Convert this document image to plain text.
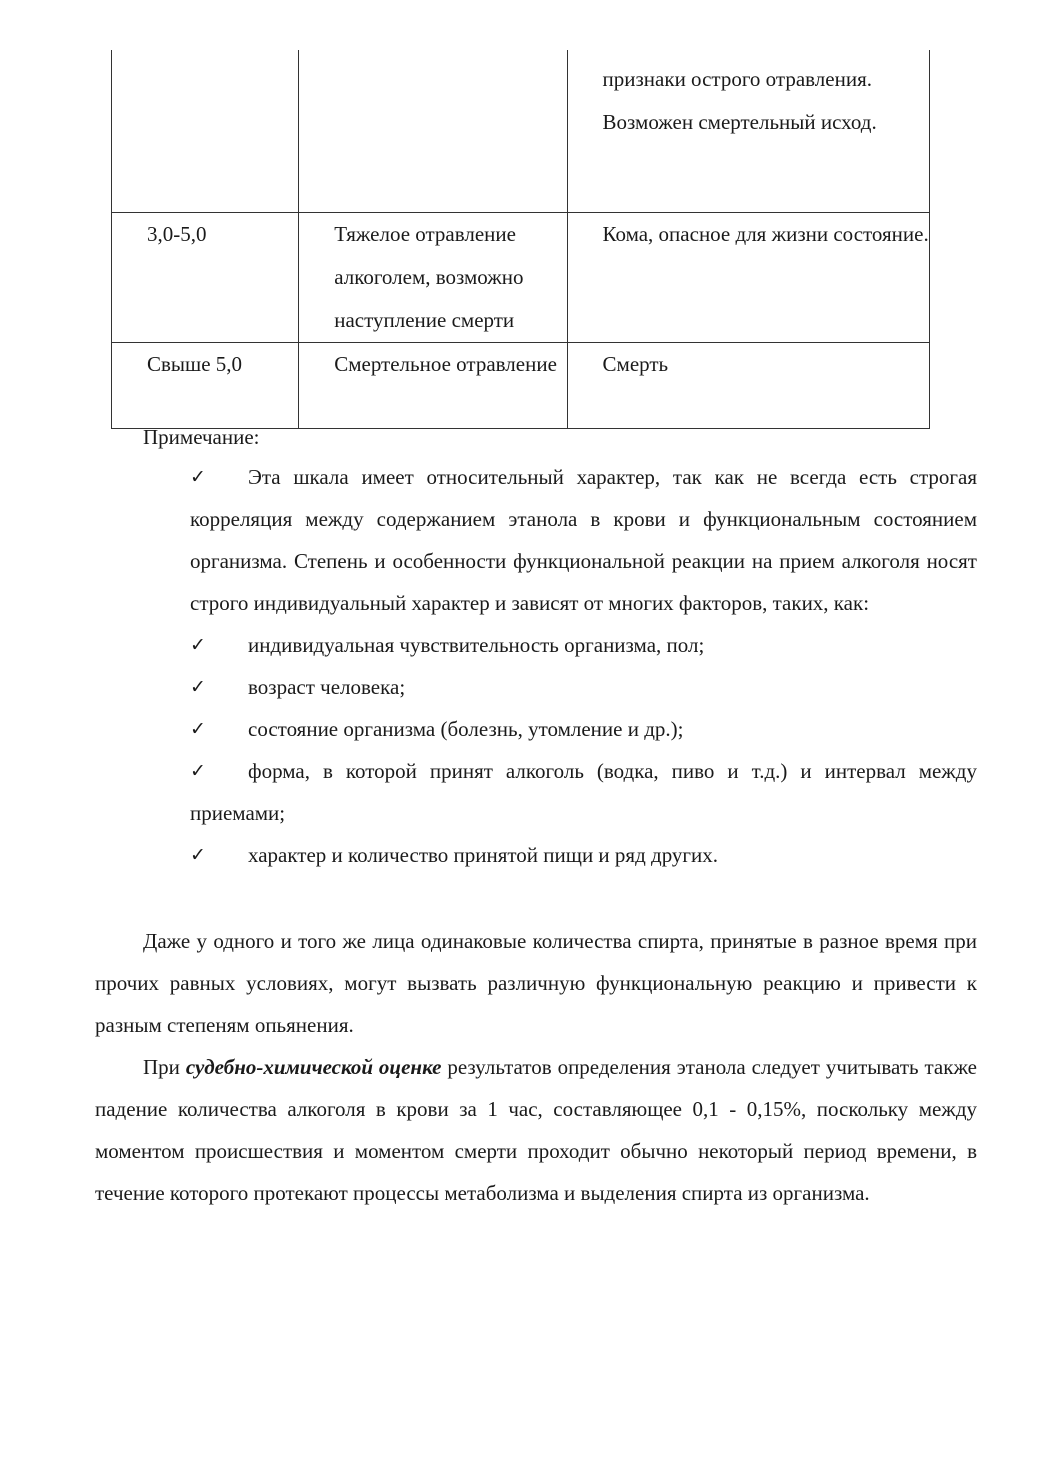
		признаки острого отравления. Возможен смертельный исход.

3,0-5,0	Тяжелое отравление алкоголем, возможно наступление смерти	Кома, опасное для жизни состояние.

Свыше 5,0	Смертельное отравление	Смерть
Примечание:
✓	Эта шкала имеет относительный характер, так как не всегда есть строгая корреляция между содержанием этанола в крови и функциональным состоянием организма. Степень и особенности функциональной реакции на прием алкоголя носят строго индивидуальный характер и зависят от многих факторов, таких, как:
✓	индивидуальная чувствительность организма, пол;
✓	возраст человека;
✓	состояние организма (болезнь, утомление и др.);
✓	форма, в которой принят алкоголь (водка, пиво и т.д.) и интервал между приемами;
✓	характер и количество принятой пищи и ряд других.

Даже у одного и того же лица одинаковые количества спирта, принятые в разное время при прочих равных условиях, могут вызвать различную функциональную реакцию и привести к разным степеням опьянения.

При судебно-химической оценке результатов определения этанола следует учитывать также падение количества алкоголя в крови за 1 час, составляющее 0,1 - 0,15%, поскольку между моментом происшествия и моментом смерти проходит обычно некоторый период времени, в течение которого протекают процессы метаболизма и выделения спирта из организма.
